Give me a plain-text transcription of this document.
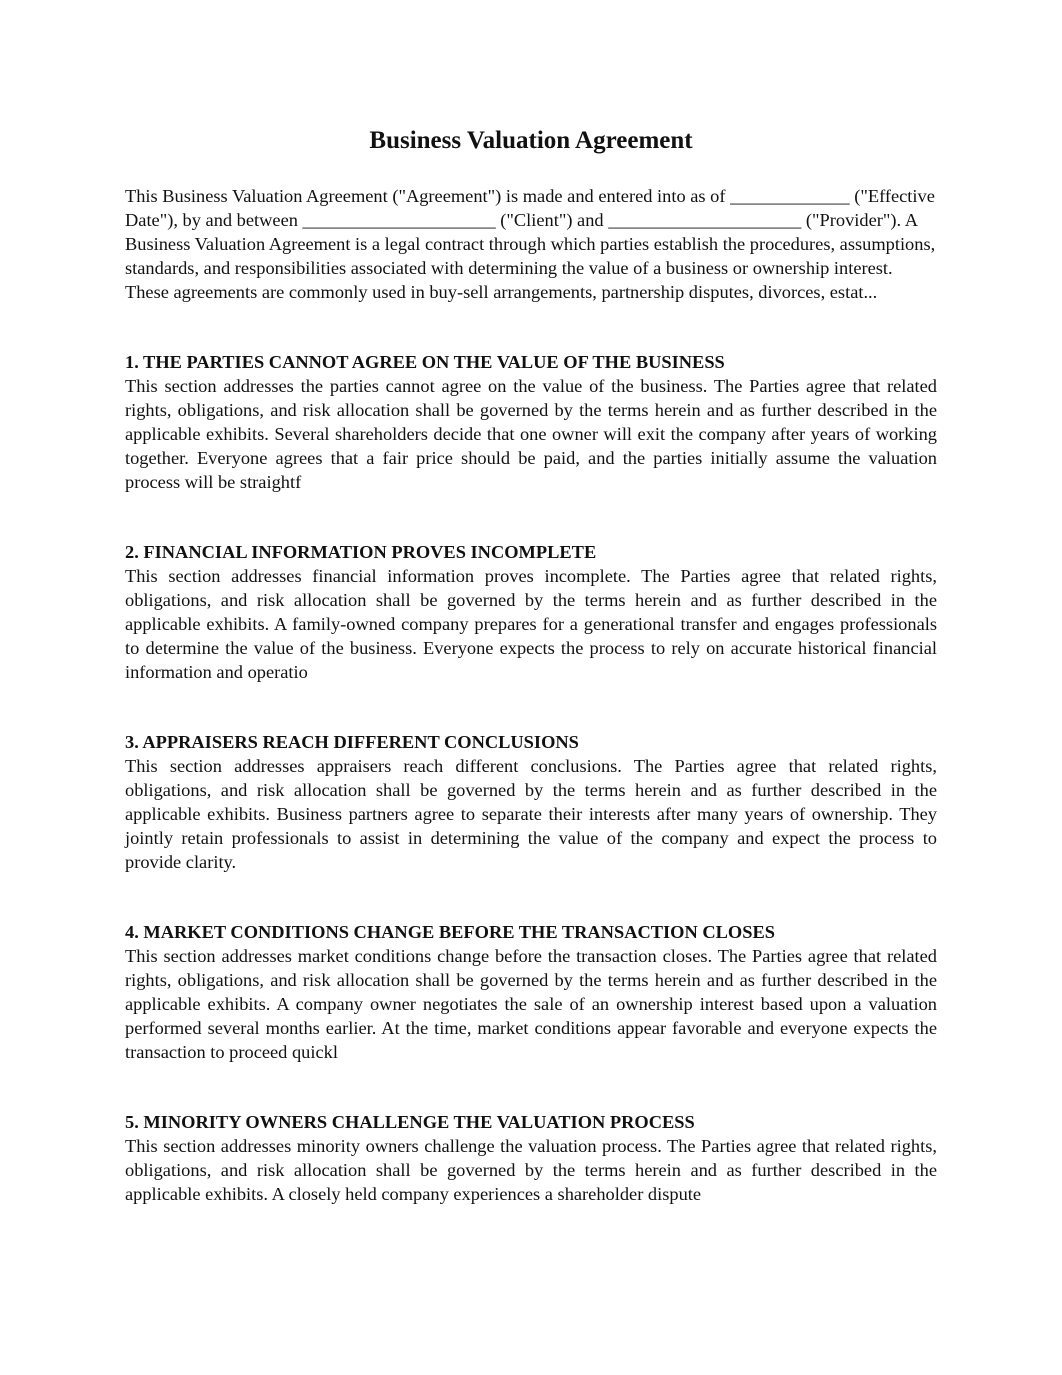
Business Valuation Agreement

This Business Valuation Agreement ("Agreement") is made and entered into as of _____________ ("Effective Date"), by and between _____________________ ("Client") and _____________________ ("Provider"). A Business Valuation Agreement is a legal contract through which parties establish the procedures, assumptions, standards, and responsibilities associated with determining the value of a business or ownership interest. These agreements are commonly used in buy-sell arrangements, partnership disputes, divorces, estat...

1. THE PARTIES CANNOT AGREE ON THE VALUE OF THE BUSINESS

This section addresses the parties cannot agree on the value of the business. The Parties agree that related rights, obligations, and risk allocation shall be governed by the terms herein and as further described in the applicable exhibits. Several shareholders decide that one owner will exit the company after years of working together. Everyone agrees that a fair price should be paid, and the parties initially assume the valuation process will be straightf

2. FINANCIAL INFORMATION PROVES INCOMPLETE

This section addresses financial information proves incomplete. The Parties agree that related rights, obligations, and risk allocation shall be governed by the terms herein and as further described in the applicable exhibits. A family-owned company prepares for a generational transfer and engages professionals to determine the value of the business. Everyone expects the process to rely on accurate historical financial information and operatio

3. APPRAISERS REACH DIFFERENT CONCLUSIONS

This section addresses appraisers reach different conclusions. The Parties agree that related rights, obligations, and risk allocation shall be governed by the terms herein and as further described in the applicable exhibits. Business partners agree to separate their interests after many years of ownership. They jointly retain professionals to assist in determining the value of the company and expect the process to provide clarity.

4. MARKET CONDITIONS CHANGE BEFORE THE TRANSACTION CLOSES

This section addresses market conditions change before the transaction closes. The Parties agree that related rights, obligations, and risk allocation shall be governed by the terms herein and as further described in the applicable exhibits. A company owner negotiates the sale of an ownership interest based upon a valuation performed several months earlier. At the time, market conditions appear favorable and everyone expects the transaction to proceed quickl

5. MINORITY OWNERS CHALLENGE THE VALUATION PROCESS

This section addresses minority owners challenge the valuation process. The Parties agree that related rights, obligations, and risk allocation shall be governed by the terms herein and as further described in the applicable exhibits. A closely held company experiences a shareholder dispute
